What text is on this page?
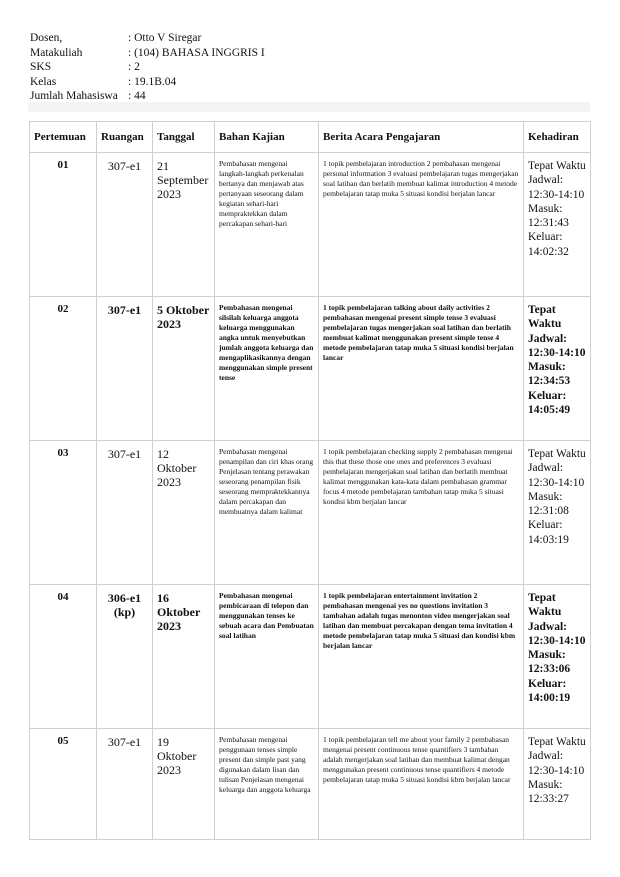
Dosen,	: Otto V Siregar
Matakuliah	: (104) BAHASA INGGRIS I
SKS	: 2
Kelas	: 19.1B.04
Jumlah Mahasiswa : 44
Pertemuan	Ruangan	Tanggal	Bahan Kajian	Berita Acara Pengajaran	Kehadiran
01	307-e1	21 September 2023	Pembahasan mengenai langkah-langkah perkenalan bertanya dan menjawab atas pertanyaan seseorang dalam kegiatan sehari-hari mempraktekkan dalam percakapan sehari-hari	1 topik pembelajaran introduction 2 pembahasan mengenai personal information 3 evaluasi pembelajaran tugas mengerjakan soal latihan dan berlatih membuat kalimat introduction 4 metode pembelajaran tatap muka 5 situasi kondisi berjalan lancar	Tepat Waktu Jadwal: 12:30-14:10 Masuk: 12:31:43 Keluar: 14:02:32
02	307-e1	5 Oktober 2023	Pembahasan mengenai silsilah keluarga anggota keluarga menggunakan angka untuk menyebutkan jumlah anggota keluarga dan mengaplikasikannya dengan menggunakan simple present tense	1 topik pembelajaran talking about daily activities 2 pembahasan mengenai present simple tense 3 evaluasi pembelajaran tugas mengerjakan soal latihan dan berlatih membuat kalimat menggunakan present simple tense 4 metode pembelajaran tatap muka 5 situasi kondisi berjalan lancar	Tepat Waktu Jadwal: 12:30-14:10 Masuk: 12:34:53 Keluar: 14:05:49
03	307-e1	12 Oktober 2023	Pembahasan mengenai penampilan dan ciri khas orang Penjelasan tentang perawakan seseorang penampilan fisik seseorang mempraktekkannya dalam percakapan dan membuatnya dalam kalimat	1 topik pembelajaran checking supply 2 pembahasan mengenai this that these those one ones and preferences 3 evaluasi pembelajaran mengerjakan soal latihan dan berlatih membuat kalimat menggunakan kata-kata dalam pembahasan grammar focus 4 metode pembelajaran tambahan tatap muka 5 situasi kondisi kbm berjalan lancar	Tepat Waktu Jadwal: 12:30-14:10 Masuk: 12:31:08 Keluar: 14:03:19
04	306-e1 (kp)	16 Oktober 2023	Pembahasan mengenai pembicaraan di telepon dan menggunakan tenses ke sebuah acara dan Pembuatan soal latihan	1 topik pembelajaran entertainment invitation 2 pembahasan mengenai yes no questions invitation 3 tambahan adalah tugas menonton video mengerjakan soal latihan dan membuat percakapan dengan tema invitation 4 metode pembelajaran tatap muka 5 situasi dan kondisi kbm berjalan lancar	Tepat Waktu Jadwal: 12:30-14:10 Masuk: 12:33:06 Keluar: 14:00:19
05	307-e1	19 Oktober 2023	Pembahasan mengenai penggunaan tenses simple present dan simple past yang digunakan dalam lisan dan tulisan Penjelasan mengenai keluarga dan anggota keluarga	1 topik pembelajaran tell me about your family 2 pembahasan mengenai present continuous tense quantifiers 3 tambahan adalah mengerjakan soal latihan dan membuat kalimat dengan menggunakan present continuous tense quantifiers 4 metode pembelajaran tatap muka 5 situasi kondisi kbm berjalan lancar	Tepat Waktu Jadwal: 12:30-14:10 Masuk: 12:33:27
